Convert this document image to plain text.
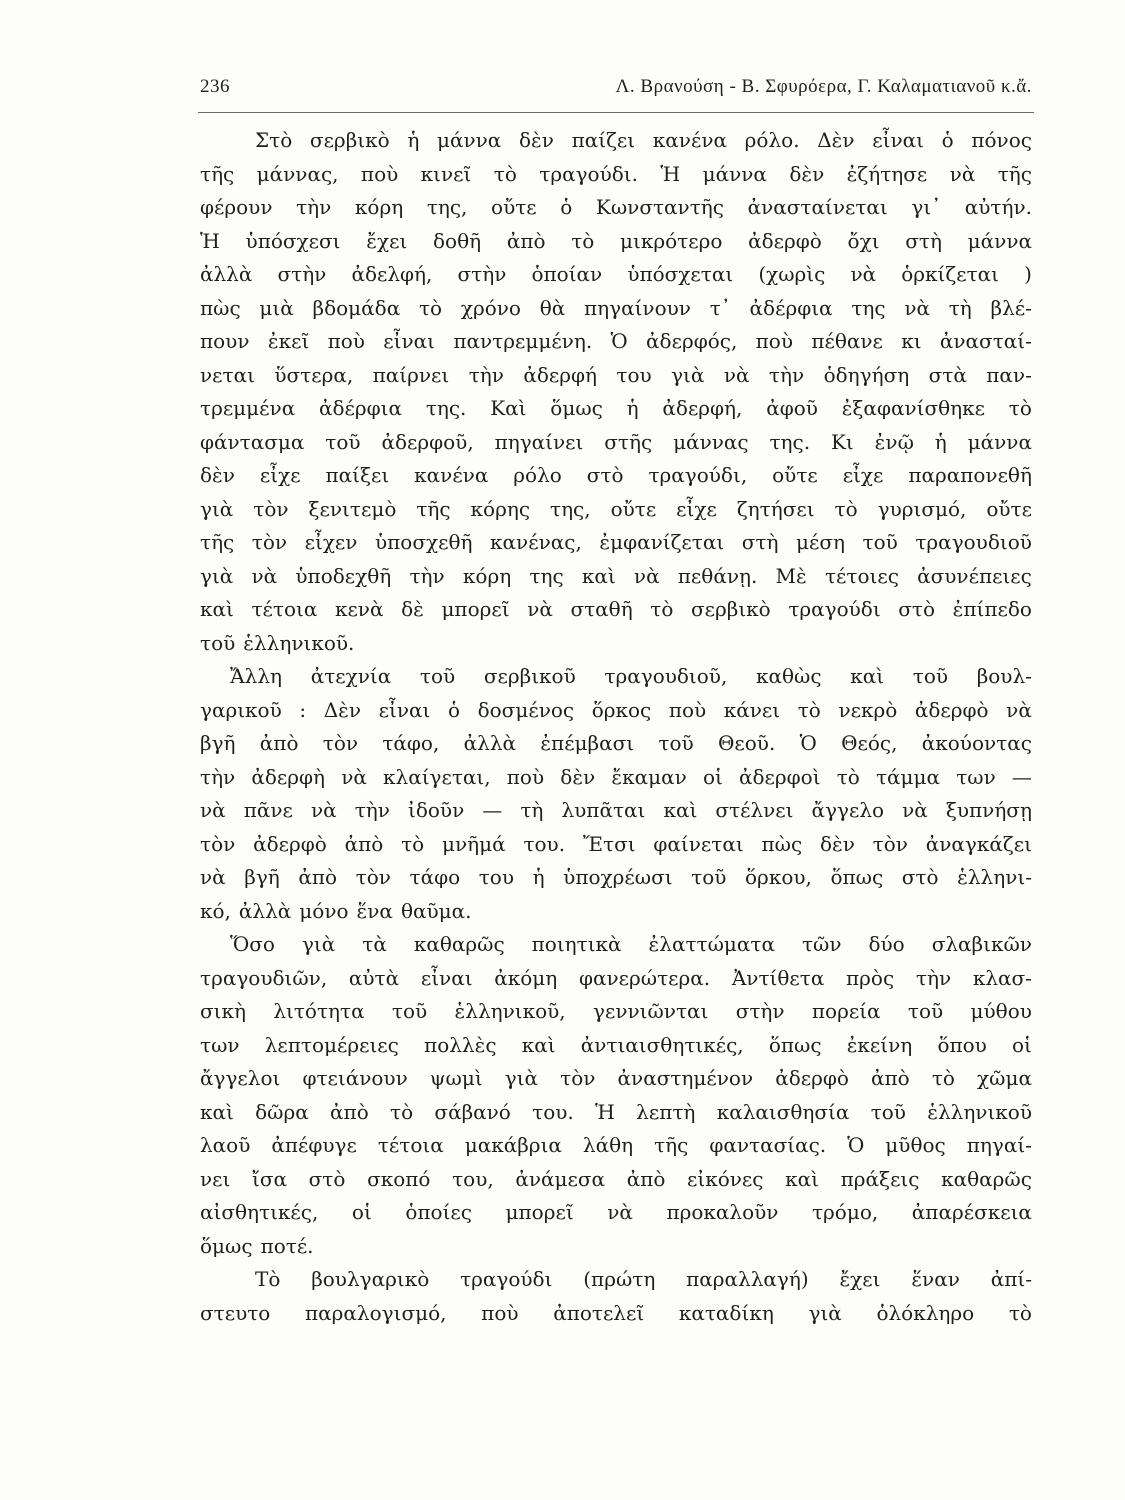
236	Λ. Βρανούση - Β. Σφυρόερα, Γ. Καλαματιανοῦ κ.ἄ.
Στὸ σερβικὸ ἡ μάννα δὲν παίζει κανένα ρόλο. Δὲν εἶναι ὁ πόνος
τῆς μάννας, ποὺ κινεῖ τὸ τραγούδι. Ἡ μάννα δὲν ἐζήτησε νὰ τῆς
φέρουν τὴν κόρη της, οὔτε ὁ Κωνσταντῆς ἀνασταίνεται γι᾽ αὐτήν.
Ἡ ὑπόσχεσι ἔχει δοθῆ ἀπὸ τὸ μικρότερο ἀδερφὸ ὄχι στὴ μάννα
ἀλλὰ στὴν ἀδελφή, στὴν ὁποίαν ὑπόσχεται (χωρὶς νὰ ὁρκίζεται )
πὼς μιὰ βδομάδα τὸ χρόνο θὰ πηγαίνουν τ᾽ ἀδέρφια της νὰ τὴ βλέ-
πουν ἐκεῖ ποὺ εἶναι παντρεμμένη. Ὁ ἀδερφός, ποὺ πέθανε κι ἀνασταί-
νεται ὕστερα, παίρνει τὴν ἀδερφή του γιὰ νὰ τὴν ὁδηγήση στὰ παν-
τρεμμένα ἀδέρφια της. Καὶ ὅμως ἡ ἀδερφή, ἀφοῦ ἐξαφανίσθηκε τὸ
φάντασμα τοῦ ἀδερφοῦ, πηγαίνει στῆς μάννας της. Κι ἐνῷ ἡ μάννα
δὲν εἶχε παίξει κανένα ρόλο στὸ τραγούδι, οὔτε εἶχε παραπονεθῆ
γιὰ τὸν ξενιτεμὸ τῆς κόρης της, οὔτε εἶχε ζητήσει τὸ γυρισμό, οὔτε
τῆς τὸν εἶχεν ὑποσχεθῆ κανένας, ἐμφανίζεται στὴ μέση τοῦ τραγουδιοῦ
γιὰ νὰ ὑποδεχθῆ τὴν κόρη της καὶ νὰ πεθάνῃ. Μὲ τέτοιες ἀσυνέπειες
καὶ τέτοια κενὰ δὲ μπορεῖ νὰ σταθῆ τὸ σερβικὸ τραγούδι στὸ ἐπίπεδο
τοῦ ἑλληνικοῦ.
Ἄλλη ἀτεχνία τοῦ σερβικοῦ τραγουδιοῦ, καθὼς καὶ τοῦ βουλ-
γαρικοῦ : Δὲν εἶναι ὁ δοσμένος ὅρκος ποὺ κάνει τὸ νεκρὸ ἀδερφὸ νὰ
βγῆ ἀπὸ τὸν τάφο, ἀλλὰ ἐπέμβασι τοῦ Θεοῦ. Ὁ Θεός, ἀκούοντας
τὴν ἀδερφὴ νὰ κλαίγεται, ποὺ δὲν ἔκαμαν οἱ ἀδερφοὶ τὸ τάμμα των —
νὰ πᾶνε νὰ τὴν ἰδοῦν — τὴ λυπᾶται καὶ στέλνει ἄγγελο νὰ ξυπνήσῃ
τὸν ἀδερφὸ ἀπὸ τὸ μνῆμά του. Ἔτσι φαίνεται πὼς δὲν τὸν ἀναγκάζει
νὰ βγῆ ἀπὸ τὸν τάφο του ἡ ὑποχρέωσι τοῦ ὅρκου, ὅπως στὸ ἑλληνι-
κό, ἀλλὰ μόνο ἕνα θαῦμα.
Ὅσο γιὰ τὰ καθαρῶς ποιητικὰ ἐλαττώματα τῶν δύο σλαβικῶν
τραγουδιῶν, αὐτὰ εἶναι ἀκόμη φανερώτερα. Ἀντίθετα πρὸς τὴν κλασ-
σικὴ λιτότητα τοῦ ἑλληνικοῦ, γεννιῶνται στὴν πορεία τοῦ μύθου
των λεπτομέρειες πολλὲς καὶ ἀντιαισθητικές, ὅπως ἐκείνη ὅπου οἱ
ἄγγελοι φτειάνουν ψωμὶ γιὰ τὸν ἀναστημένον ἀδερφὸ ἀπὸ τὸ χῶμα
καὶ δῶρα ἀπὸ τὸ σάβανό του. Ἡ λεπτὴ καλαισθησία τοῦ ἑλληνικοῦ
λαοῦ ἀπέφυγε τέτοια μακάβρια λάθη τῆς φαντασίας. Ὁ μῦθος πηγαί-
νει ἴσα στὸ σκοπό του, ἀνάμεσα ἀπὸ εἰκόνες καὶ πράξεις καθαρῶς
αἰσθητικές, οἱ ὁποίες μπορεῖ νὰ προκαλοῦν τρόμο, ἀπαρέσκεια
ὅμως ποτέ.
Τὸ βουλγαρικὸ τραγούδι (πρώτη παραλλαγή) ἔχει ἕναν ἀπί-
στευτο παραλογισμό, ποὺ ἀποτελεῖ καταδίκη γιὰ ὁλόκληρο τὸ
